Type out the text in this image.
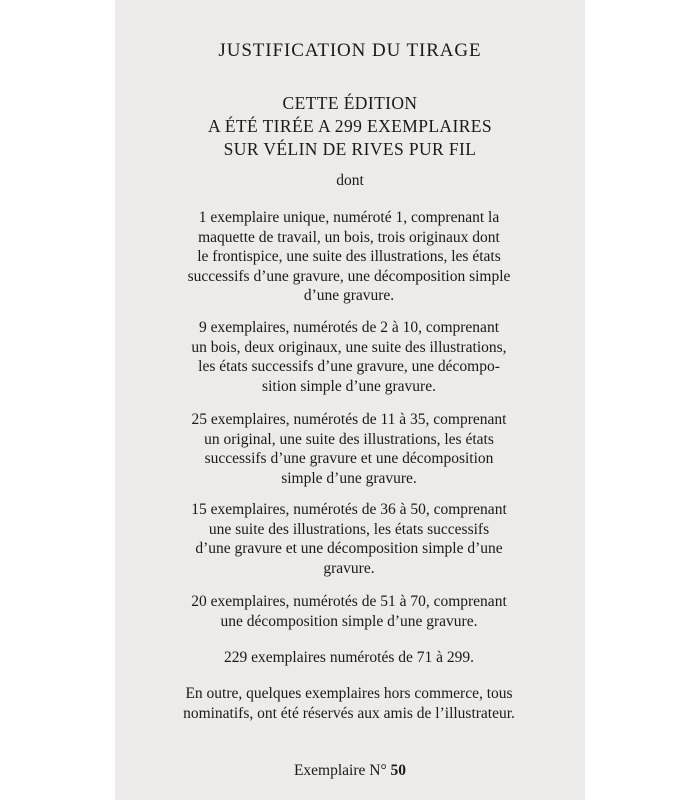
JUSTIFICATION DU TIRAGE
CETTE ÉDITION
A ÉTÉ TIRÉE A 299 EXEMPLAIRES
SUR VÉLIN DE RIVES PUR FIL
dont
1 exemplaire unique, numéroté 1, comprenant la
maquette de travail, un bois, trois originaux dont
le frontispice, une suite des illustrations, les états
successifs d’une gravure, une décomposition simple
d’une gravure.
9 exemplaires, numérotés de 2 à 10, comprenant
un bois, deux originaux, une suite des illustrations,
les états successifs d’une gravure, une décompo-
sition simple d’une gravure.
25 exemplaires, numérotés de 11 à 35, comprenant
un original, une suite des illustrations, les états
successifs d’une gravure et une décomposition
simple d’une gravure.
15 exemplaires, numérotés de 36 à 50, comprenant
une suite des illustrations, les états successifs
d’une gravure et une décomposition simple d’une
gravure.
20 exemplaires, numérotés de 51 à 70, comprenant
une décomposition simple d’une gravure.
229 exemplaires numérotés de 71 à 299.
En outre, quelques exemplaires hors commerce, tous
nominatifs, ont été réservés aux amis de l’illustrateur.
Exemplaire N° 50
